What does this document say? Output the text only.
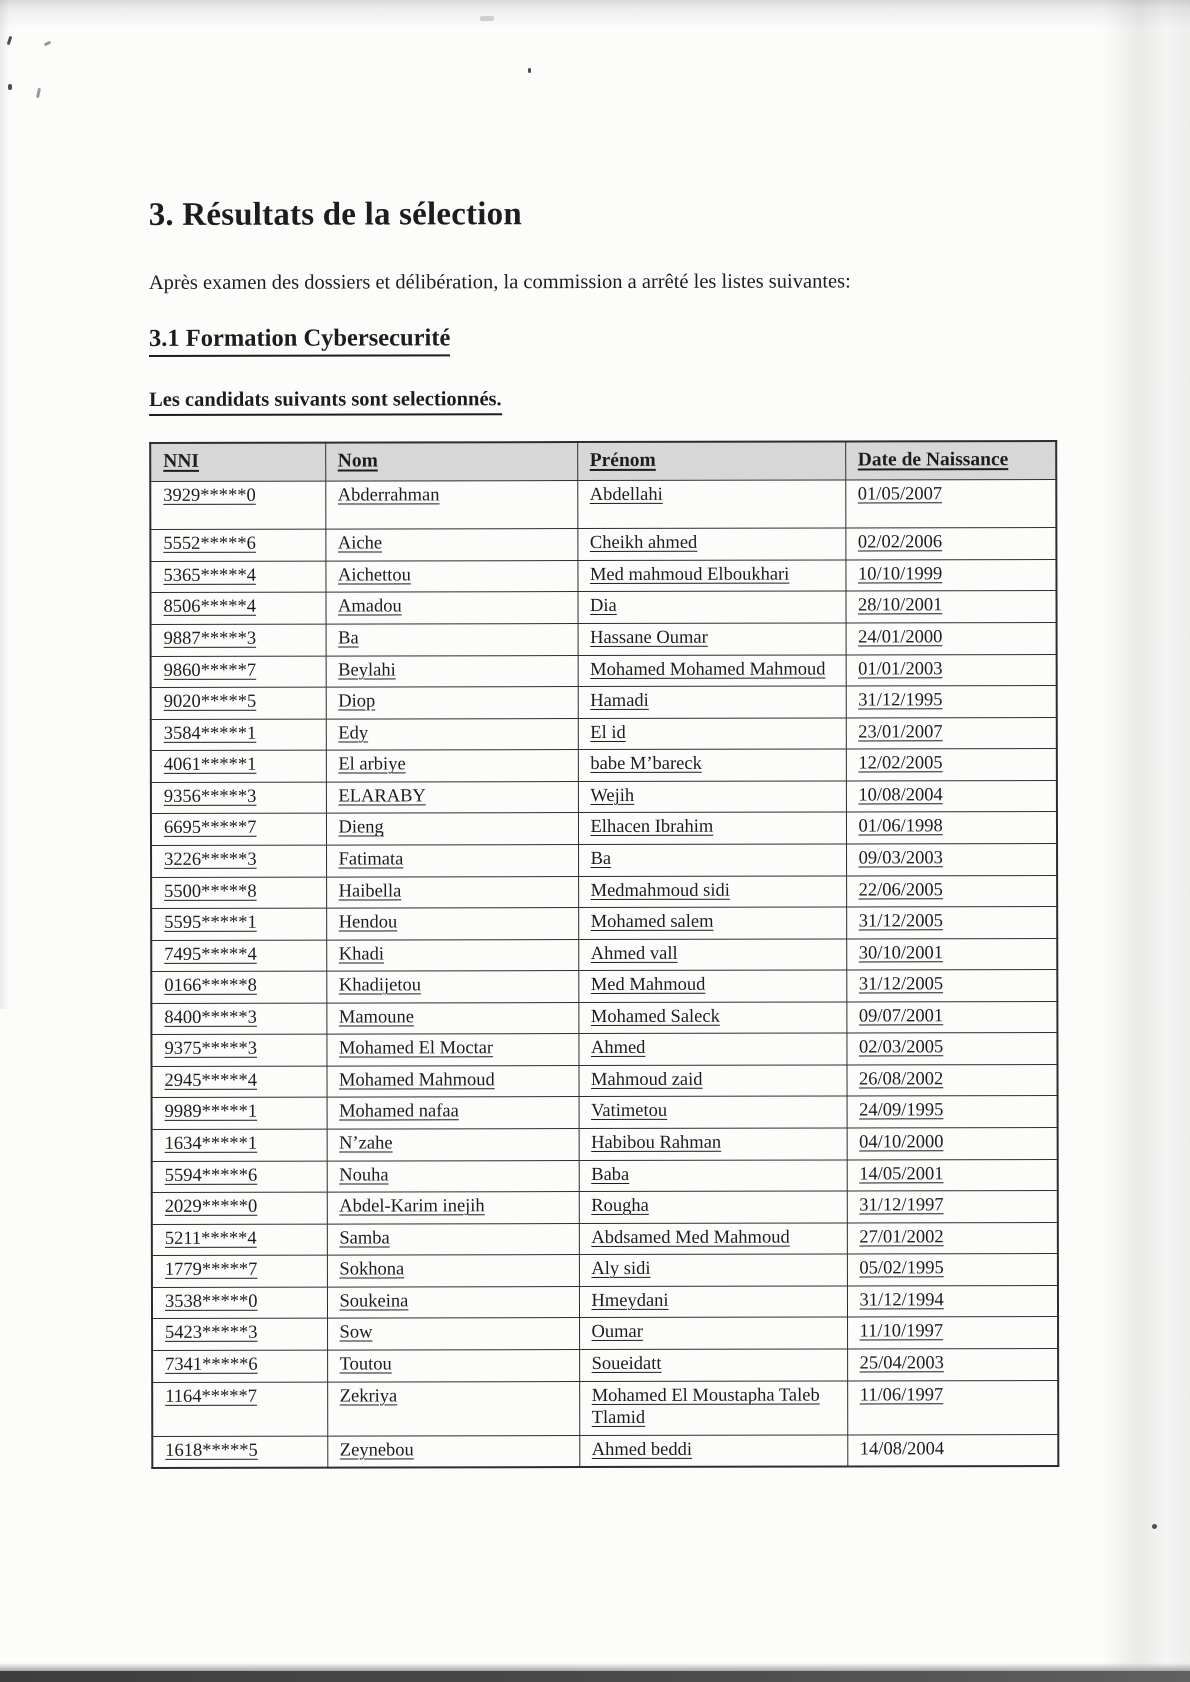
3. Résultats de la sélection

Après examen des dossiers et délibération, la commission a arrêté les listes suivantes:

3.1 Formation Cybersecurité
Les candidats suivants sont selectionnés.
NNI	Nom	Prénom	Date de Naissance
3929*****0	Abderrahman	Abdellahi	01/05/2007
5552*****6	Aiche	Cheikh ahmed	02/02/2006
5365*****4	Aichettou	Med mahmoud Elboukhari	10/10/1999
8506*****4	Amadou	Dia	28/10/2001
9887*****3	Ba	Hassane Oumar	24/01/2000
9860*****7	Beylahi	Mohamed Mohamed Mahmoud	01/01/2003
9020*****5	Diop	Hamadi	31/12/1995
3584*****1	Edy	El id	23/01/2007
4061*****1	El arbiye	babe M’bareck	12/02/2005
9356*****3	ELARABY	Wejih	10/08/2004
6695*****7	Dieng	Elhacen Ibrahim	01/06/1998
3226*****3	Fatimata	Ba	09/03/2003
5500*****8	Haibella	Medmahmoud sidi	22/06/2005
5595*****1	Hendou	Mohamed salem	31/12/2005
7495*****4	Khadi	Ahmed vall	30/10/2001
0166*****8	Khadijetou	Med Mahmoud	31/12/2005
8400*****3	Mamoune	Mohamed Saleck	09/07/2001
9375*****3	Mohamed El Moctar	Ahmed	02/03/2005
2945*****4	Mohamed Mahmoud	Mahmoud zaid	26/08/2002
9989*****1	Mohamed nafaa	Vatimetou	24/09/1995
1634*****1	N’zahe	Habibou Rahman	04/10/2000
5594*****6	Nouha	Baba	14/05/2001
2029*****0	Abdel-Karim inejih	Rougha	31/12/1997
5211*****4	Samba	Abdsamed Med Mahmoud	27/01/2002
1779*****7	Sokhona	Aly sidi	05/02/1995
3538*****0	Soukeina	Hmeydani	31/12/1994
5423*****3	Sow	Oumar	11/10/1997
7341*****6	Toutou	Soueidatt	25/04/2003
1164*****7	Zekriya	Mohamed El Moustapha Taleb Tlamid	11/06/1997
1618*****5	Zeynebou	Ahmed beddi	14/08/2004
